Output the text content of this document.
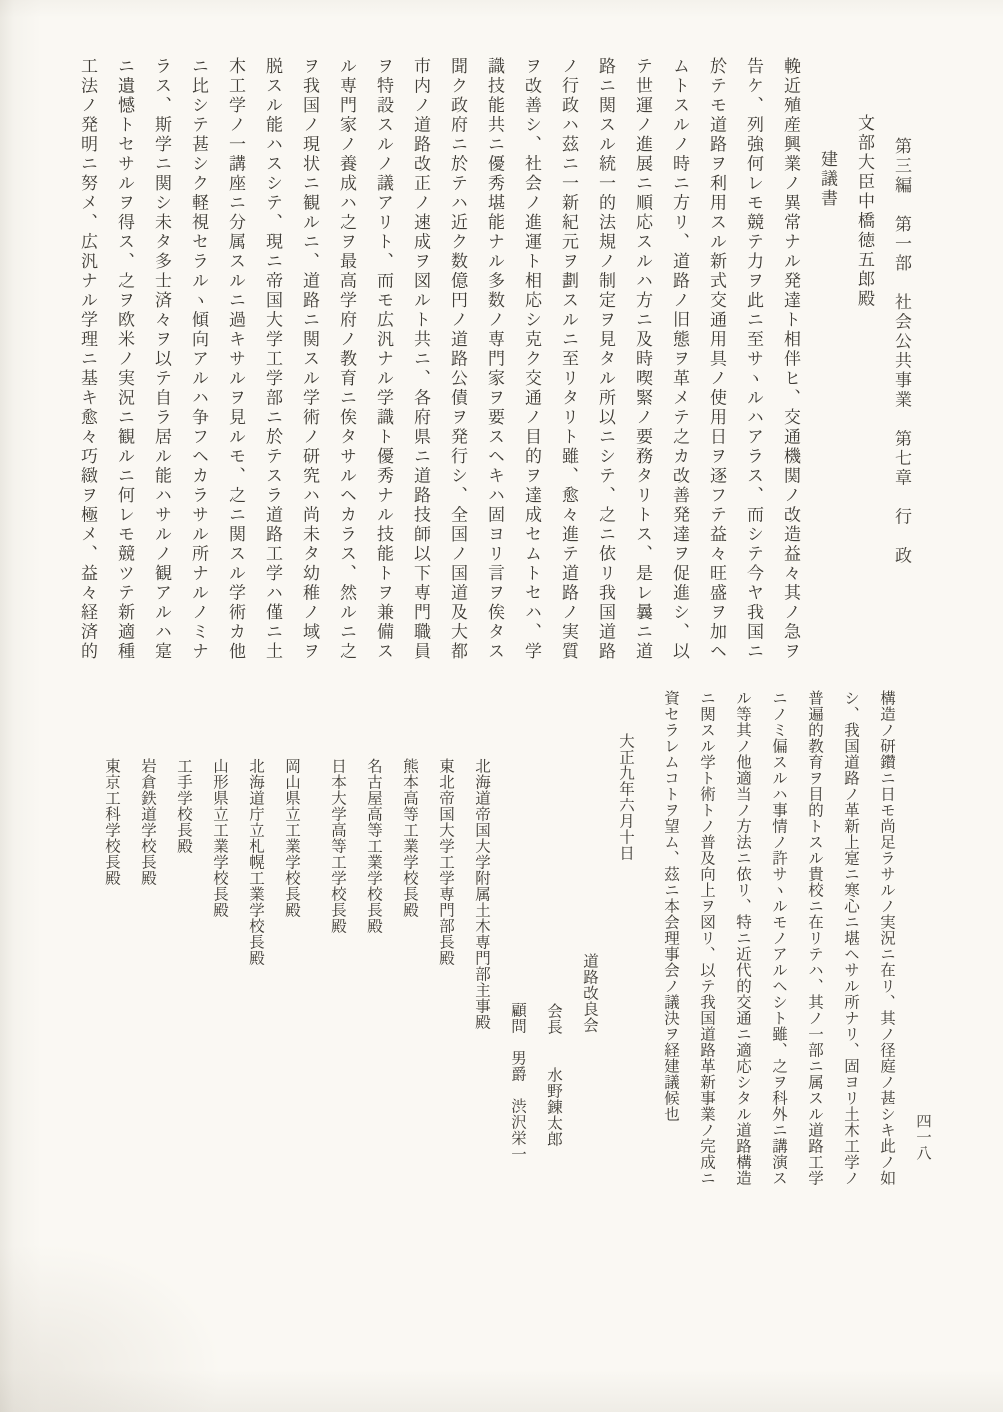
第三編　第一部　社会公共事業　第七章　行　政
文部大臣中橋徳五郎殿
建議書
輓近殖産興業ノ異常ナル発達ト相伴ヒ、交通機関ノ改造益々其ノ急ヲ
告ケ、列強何レモ競テ力ヲ此ニ至サヽルハアラス、而シテ今ヤ我国ニ
於テモ道路ヲ利用スル新式交通用具ノ使用日ヲ逐フテ益々旺盛ヲ加ヘ
ムトスルノ時ニ方リ、道路ノ旧態ヲ革メテ之カ改善発達ヲ促進シ、以
テ世運ノ進展ニ順応スルハ方ニ及時喫緊ノ要務タリトス、是レ曩ニ道
路ニ関スル統一的法規ノ制定ヲ見タル所以ニシテ、之ニ依リ我国道路
ノ行政ハ茲ニ一新紀元ヲ劃スルニ至リタリト雖、愈々進テ道路ノ実質
ヲ改善シ、社会ノ進運ト相応シ克ク交通ノ目的ヲ達成セムトセハ、学
識技能共ニ優秀堪能ナル多数ノ専門家ヲ要スヘキハ固ヨリ言ヲ俟タス
聞ク政府ニ於テハ近ク数億円ノ道路公債ヲ発行シ、全国ノ国道及大都
市内ノ道路改正ノ速成ヲ図ルト共ニ、各府県ニ道路技師以下専門職員
ヲ特設スルノ議アリト、而モ広汎ナル学識ト優秀ナル技能トヲ兼備ス
ル専門家ノ養成ハ之ヲ最高学府ノ教育ニ俟タサルヘカラス、然ルニ之
ヲ我国ノ現状ニ観ルニ、道路ニ関スル学術ノ研究ハ尚未タ幼稚ノ域ヲ
脱スル能ハスシテ、現ニ帝国大学工学部ニ於テスラ道路工学ハ僅ニ土
木工学ノ一講座ニ分属スルニ過キサルヲ見ルモ、之ニ関スル学術カ他
ニ比シテ甚シク軽視セラルヽ傾向アルハ争フヘカラサル所ナルノミナ
ラス、斯学ニ関シ未タ多士済々ヲ以テ自ラ居ル能ハサルノ観アルハ寔
ニ遺憾トセサルヲ得ス、之ヲ欧米ノ実況ニ観ルニ何レモ競ツテ新適種
工法ノ発明ニ努メ、広汎ナル学理ニ基キ愈々巧緻ヲ極メ、益々経済的
四一八
構造ノ研鑽ニ日モ尚足ラサルノ実況ニ在リ、其ノ径庭ノ甚シキ此ノ如
シ、我国道路ノ革新上寔ニ寒心ニ堪ヘサル所ナリ、固ヨリ土木工学ノ
普遍的教育ヲ目的トスル貴校ニ在リテハ、其ノ一部ニ属スル道路工学
ニノミ偏スルハ事情ノ許サヽルモノアルヘシト雖、之ヲ科外ニ講演ス
ル等其ノ他適当ノ方法ニ依リ、特ニ近代的交通ニ適応シタル道路構造
ニ関スル学ト術トノ普及向上ヲ図リ、以テ我国道路革新事業ノ完成ニ
資セラレムコトヲ望ム、茲ニ本会理事会ノ議決ヲ経建議候也
大正九年六月十日
道路改良会
会長　　水野錬太郎
顧問　男爵　渋沢栄一
北海道帝国大学附属土木専門部主事殿
東北帝国大学工学専門部長殿
熊本高等工業学校長殿
名古屋高等工業学校長殿
日本大学高等工学校長殿
岡山県立工業学校長殿
北海道庁立札幌工業学校長殿
山形県立工業学校長殿
工手学校長殿
岩倉鉄道学校長殿
東京工科学校長殿
